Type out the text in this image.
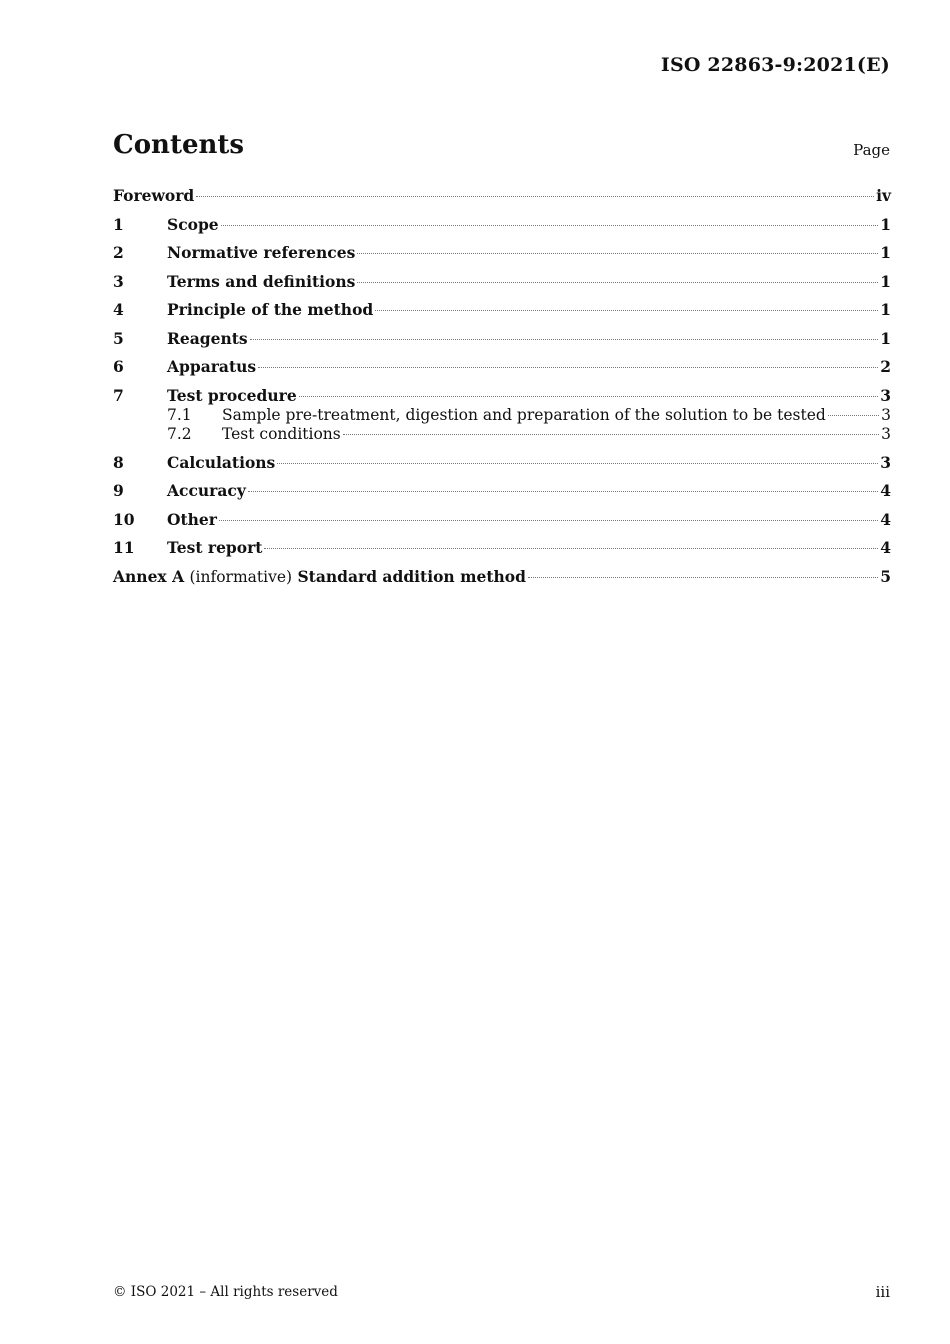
ISO 22863-9:2021(E)
Contents	Page
Foreword	iv
1	Scope	1
2	Normative references	1
3	Terms and definitions	1
4	Principle of the method	1
5	Reagents	1
6	Apparatus	2
7	Test procedure	3
7.1	Sample pre-treatment, digestion and preparation of the solution to be tested	3
7.2	Test conditions	3
8	Calculations	3
9	Accuracy	4
10	Other	4
11	Test report	4
Annex A (informative) Standard addition method	5
© ISO 2021 – All rights reserved	iii
